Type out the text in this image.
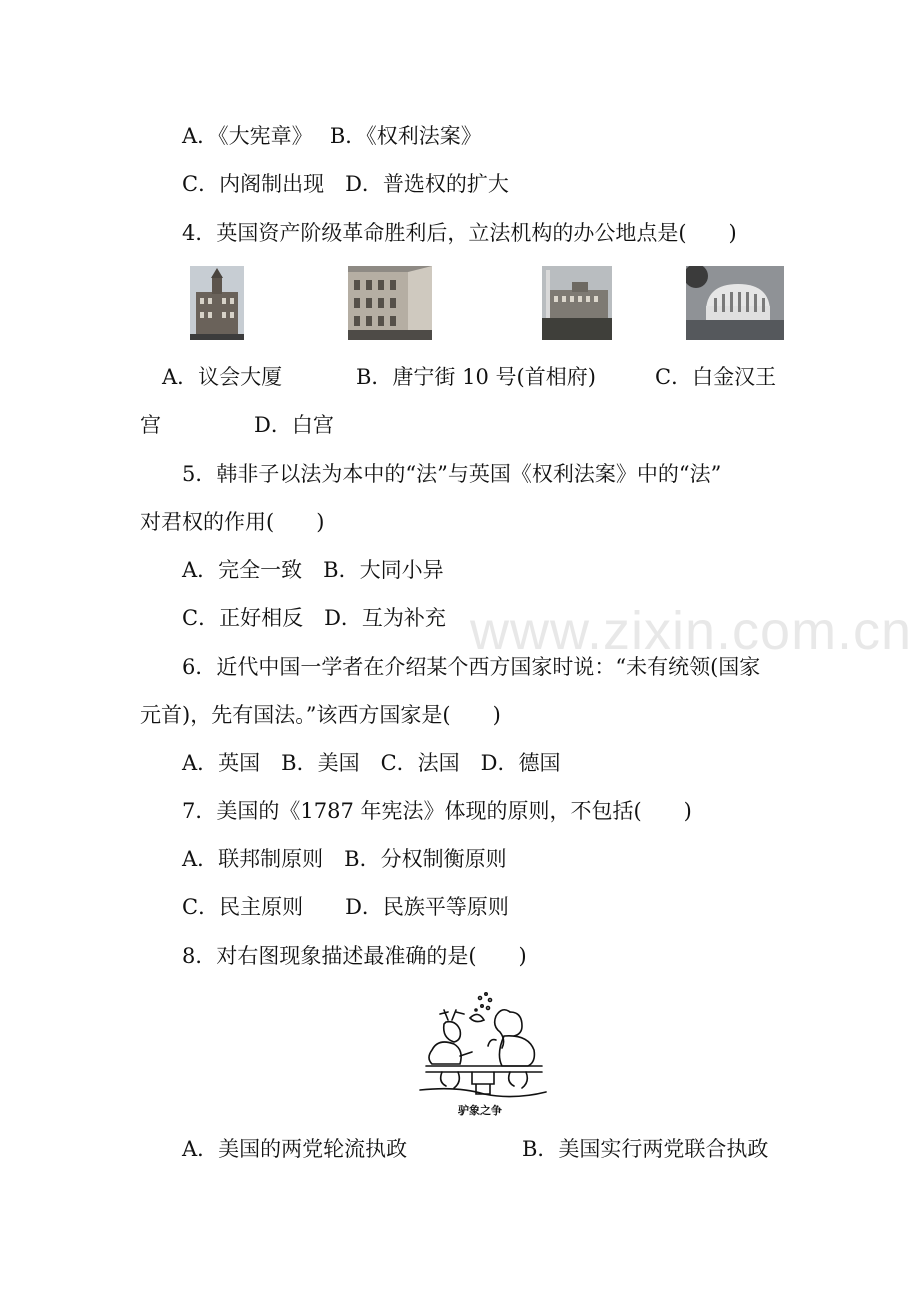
A．《大宪章》　 B．《权利法案》
C．内阁制出现　D．普选权的扩大
4．英国资产阶级革命胜利后，立法机构的办公地点是(　　)
A．议会大厦	B．唐宁街 10 号(首相府)	C．白金汉王
宫	D．白宫
5．韩非子以法为本中的“法”与英国《权利法案》中的“法”
对君权的作用(　　)
A．完全一致　B．大同小异
C．正好相反　D．互为补充 www.zixin.com.cn
6．近代中国一学者在介绍某个西方国家时说：“未有统领(国家
元首)，先有国法。”该西方国家是(　　)
A．英国　B．美国　C．法国　D．德国
7．美国的《1787 年宪法》体现的原则，不包括(　　)
A．联邦制原则　B．分权制衡原则
C．民主原则　　D．民族平等原则
8．对右图现象描述最准确的是(　　)
驴象之争
A．美国的两党轮流执政	B．美国实行两党联合执政
